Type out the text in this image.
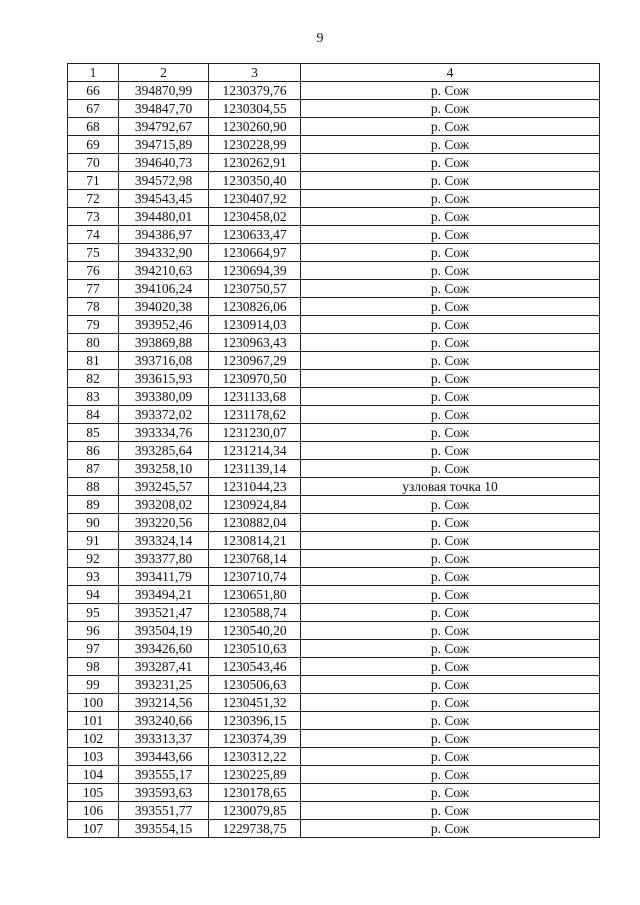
9
1	2	3	4
66	394870,99	1230379,76	р. Сож
67	394847,70	1230304,55	р. Сож
68	394792,67	1230260,90	р. Сож
69	394715,89	1230228,99	р. Сож
70	394640,73	1230262,91	р. Сож
71	394572,98	1230350,40	р. Сож
72	394543,45	1230407,92	р. Сож
73	394480,01	1230458,02	р. Сож
74	394386,97	1230633,47	р. Сож
75	394332,90	1230664,97	р. Сож
76	394210,63	1230694,39	р. Сож
77	394106,24	1230750,57	р. Сож
78	394020,38	1230826,06	р. Сож
79	393952,46	1230914,03	р. Сож
80	393869,88	1230963,43	р. Сож
81	393716,08	1230967,29	р. Сож
82	393615,93	1230970,50	р. Сож
83	393380,09	1231133,68	р. Сож
84	393372,02	1231178,62	р. Сож
85	393334,76	1231230,07	р. Сож
86	393285,64	1231214,34	р. Сож
87	393258,10	1231139,14	р. Сож
88	393245,57	1231044,23	узловая точка 10
89	393208,02	1230924,84	р. Сож
90	393220,56	1230882,04	р. Сож
91	393324,14	1230814,21	р. Сож
92	393377,80	1230768,14	р. Сож
93	393411,79	1230710,74	р. Сож
94	393494,21	1230651,80	р. Сож
95	393521,47	1230588,74	р. Сож
96	393504,19	1230540,20	р. Сож
97	393426,60	1230510,63	р. Сож
98	393287,41	1230543,46	р. Сож
99	393231,25	1230506,63	р. Сож
100	393214,56	1230451,32	р. Сож
101	393240,66	1230396,15	р. Сож
102	393313,37	1230374,39	р. Сож
103	393443,66	1230312,22	р. Сож
104	393555,17	1230225,89	р. Сож
105	393593,63	1230178,65	р. Сож
106	393551,77	1230079,85	р. Сож
107	393554,15	1229738,75	р. Сож
